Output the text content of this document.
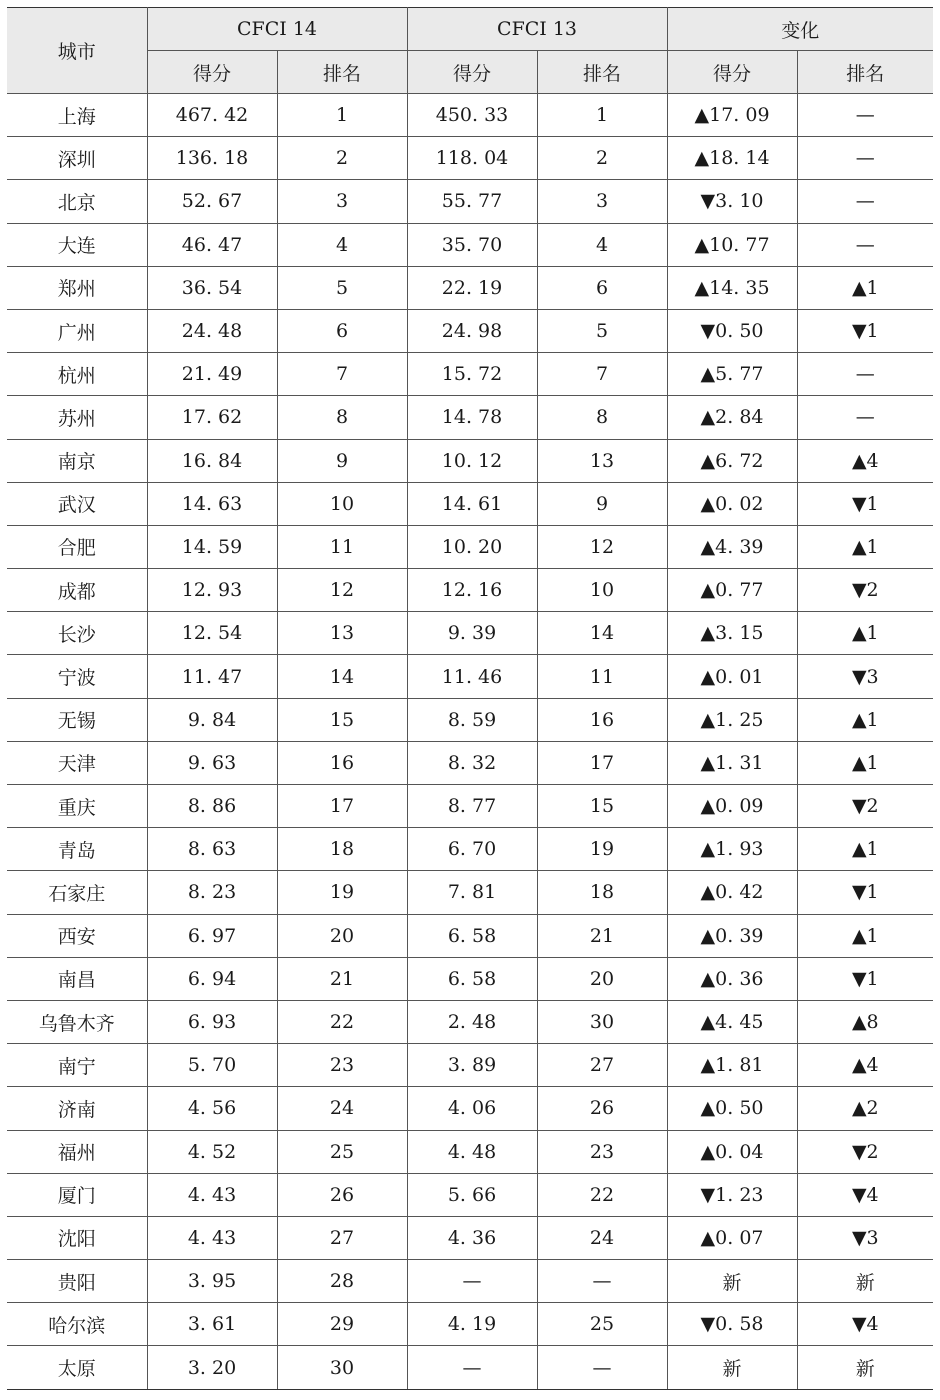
城市	CFCI 14		CFCI 13		变化	
	得分	排名	得分	排名	得分	排名
上海	467. 42	1	450. 33	1	▲17. 09	—
深圳	136. 18	2	118. 04	2	▲18. 14	—
北京	52. 67	3	55. 77	3	▼3. 10	—
大连	46. 47	4	35. 70	4	▲10. 77	—
郑州	36. 54	5	22. 19	6	▲14. 35	▲1
广州	24. 48	6	24. 98	5	▼0. 50	▼1
杭州	21. 49	7	15. 72	7	▲5. 77	—
苏州	17. 62	8	14. 78	8	▲2. 84	—
南京	16. 84	9	10. 12	13	▲6. 72	▲4
武汉	14. 63	10	14. 61	9	▲0. 02	▼1
合肥	14. 59	11	10. 20	12	▲4. 39	▲1
成都	12. 93	12	12. 16	10	▲0. 77	▼2
长沙	12. 54	13	9. 39	14	▲3. 15	▲1
宁波	11. 47	14	11. 46	11	▲0. 01	▼3
无锡	9. 84	15	8. 59	16	▲1. 25	▲1
天津	9. 63	16	8. 32	17	▲1. 31	▲1
重庆	8. 86	17	8. 77	15	▲0. 09	▼2
青岛	8. 63	18	6. 70	19	▲1. 93	▲1
石家庄	8. 23	19	7. 81	18	▲0. 42	▼1
西安	6. 97	20	6. 58	21	▲0. 39	▲1
南昌	6. 94	21	6. 58	20	▲0. 36	▼1
乌鲁木齐	6. 93	22	2. 48	30	▲4. 45	▲8
南宁	5. 70	23	3. 89	27	▲1. 81	▲4
济南	4. 56	24	4. 06	26	▲0. 50	▲2
福州	4. 52	25	4. 48	23	▲0. 04	▼2
厦门	4. 43	26	5. 66	22	▼1. 23	▼4
沈阳	4. 43	27	4. 36	24	▲0. 07	▼3
贵阳	3. 95	28	—	—	新	新
哈尔滨	3. 61	29	4. 19	25	▼0. 58	▼4
太原	3. 20	30	—	—	新	新
